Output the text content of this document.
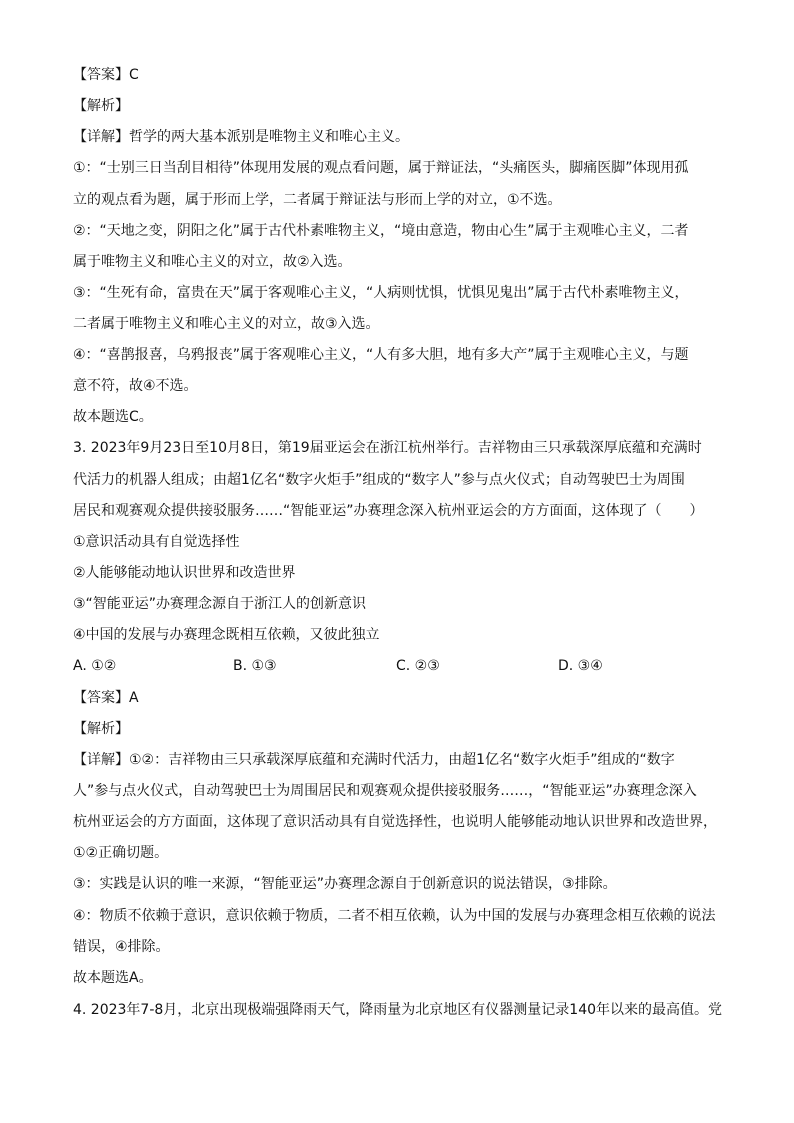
【答案】C
【解析】
【详解】哲学的两大基本派别是唯物主义和唯心主义。
①：“士别三日当刮目相待”体现用发展的观点看问题，属于辩证法，“头痛医头，脚痛医脚”体现用孤
立的观点看为题，属于形而上学，二者属于辩证法与形而上学的对立，①不选。
②：“天地之变，阴阳之化”属于古代朴素唯物主义，“境由意造，物由心生”属于主观唯心主义，二者
属于唯物主义和唯心主义的对立，故②入选。
③：“生死有命，富贵在天”属于客观唯心主义，“人病则忧惧，忧惧见鬼出”属于古代朴素唯物主义，
二者属于唯物主义和唯心主义的对立，故③入选。
④：“喜鹊报喜，乌鸦报丧”属于客观唯心主义，“人有多大胆，地有多大产”属于主观唯心主义，与题
意不符，故④不选。
故本题选C。
3. 2023年9月23日至10月8日，第19届亚运会在浙江杭州举行。吉祥物由三只承载深厚底蕴和充满时
代活力的机器人组成；由超1亿名“数字火炬手”组成的“数字人”参与点火仪式；自动驾驶巴士为周围
居民和观赛观众提供接驳服务……“智能亚运”办赛理念深入杭州亚运会的方方面面，这体现了（　　）
①意识活动具有自觉选择性
②人能够能动地认识世界和改造世界
③“智能亚运”办赛理念源自于浙江人的创新意识
④中国的发展与办赛理念既相互依赖，又彼此独立
A. ①②	B. ①③	C. ②③	D. ③④
【答案】A
【解析】
【详解】①②：吉祥物由三只承载深厚底蕴和充满时代活力，由超1亿名“数字火炬手”组成的“数字
人”参与点火仪式，自动驾驶巴士为周围居民和观赛观众提供接驳服务……，“智能亚运”办赛理念深入
杭州亚运会的方方面面，这体现了意识活动具有自觉选择性，也说明人能够能动地认识世界和改造世界，
①②正确切题。
③：实践是认识的唯一来源，“智能亚运”办赛理念源自于创新意识的说法错误，③排除。
④：物质不依赖于意识，意识依赖于物质，二者不相互依赖，认为中国的发展与办赛理念相互依赖的说法
错误，④排除。
故本题选A。
4. 2023年7-8月，北京出现极端强降雨天气，降雨量为北京地区有仪器测量记录140年以来的最高值。党
